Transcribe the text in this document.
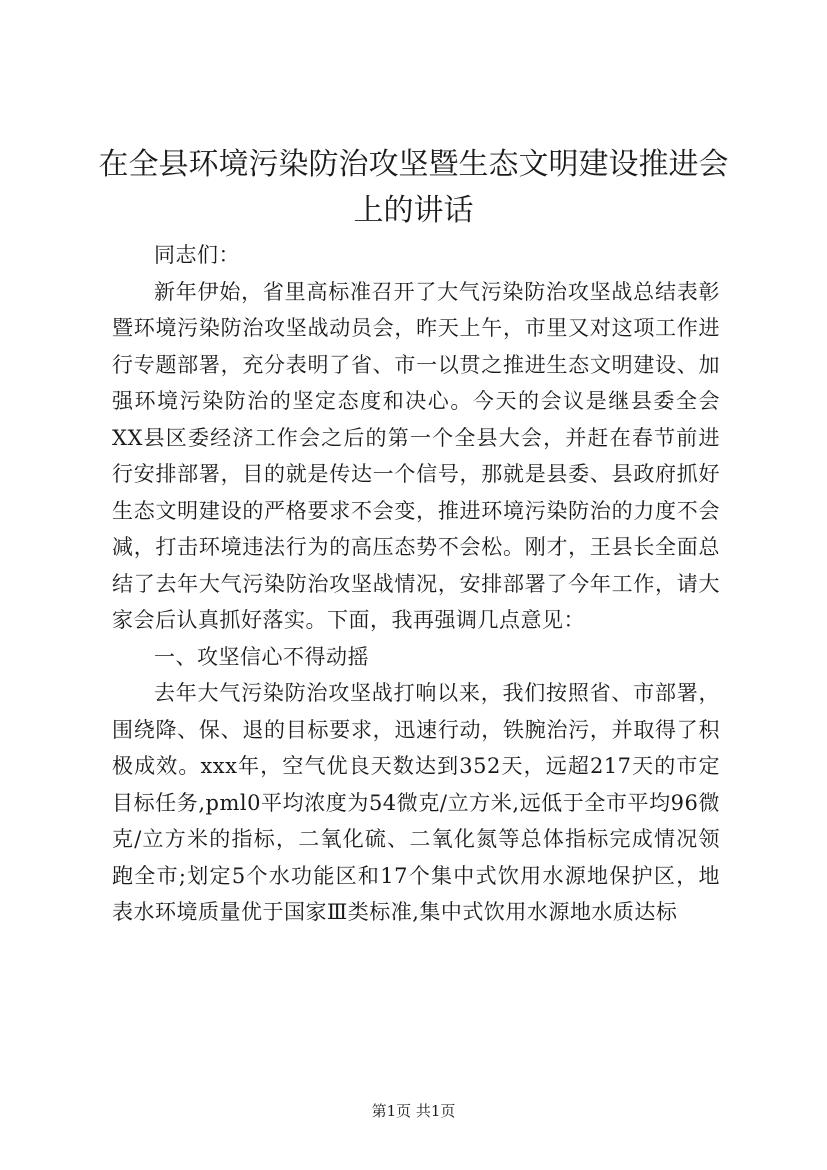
在全县环境污染防治攻坚暨生态文明建设推进会上的讲话

同志们：

新年伊始，省里高标准召开了大气污染防治攻坚战总结表彰暨环境污染防治攻坚战动员会，昨天上午，市里又对这项工作进行专题部署，充分表明了省、市一以贯之推进生态文明建设、加强环境污染防治的坚定态度和决心。今天的会议是继县委全会XX县区委经济工作会之后的第一个全县大会，并赶在春节前进行安排部署，目的就是传达一个信号，那就是县委、县政府抓好生态文明建设的严格要求不会变，推进环境污染防治的力度不会减，打击环境违法行为的高压态势不会松。刚才，王县长全面总结了去年大气污染防治攻坚战情况，安排部署了今年工作，请大家会后认真抓好落实。下面，我再强调几点意见：

一、攻坚信心不得动摇

去年大气污染防治攻坚战打响以来，我们按照省、市部署，围绕降、保、退的目标要求，迅速行动，铁腕治污，并取得了积极成效。xxx年，空气优良天数达到352天，远超217天的市定目标任务,pml0平均浓度为54微克/立方米,远低于全市平均96微克/立方米的指标，二氧化硫、二氧化氮等总体指标完成情况领跑全市;划定5个水功能区和17个集中式饮用水源地保护区，地表水环境质量优于国家Ⅲ类标准,集中式饮用水源地水质达标

第1页 共1页
